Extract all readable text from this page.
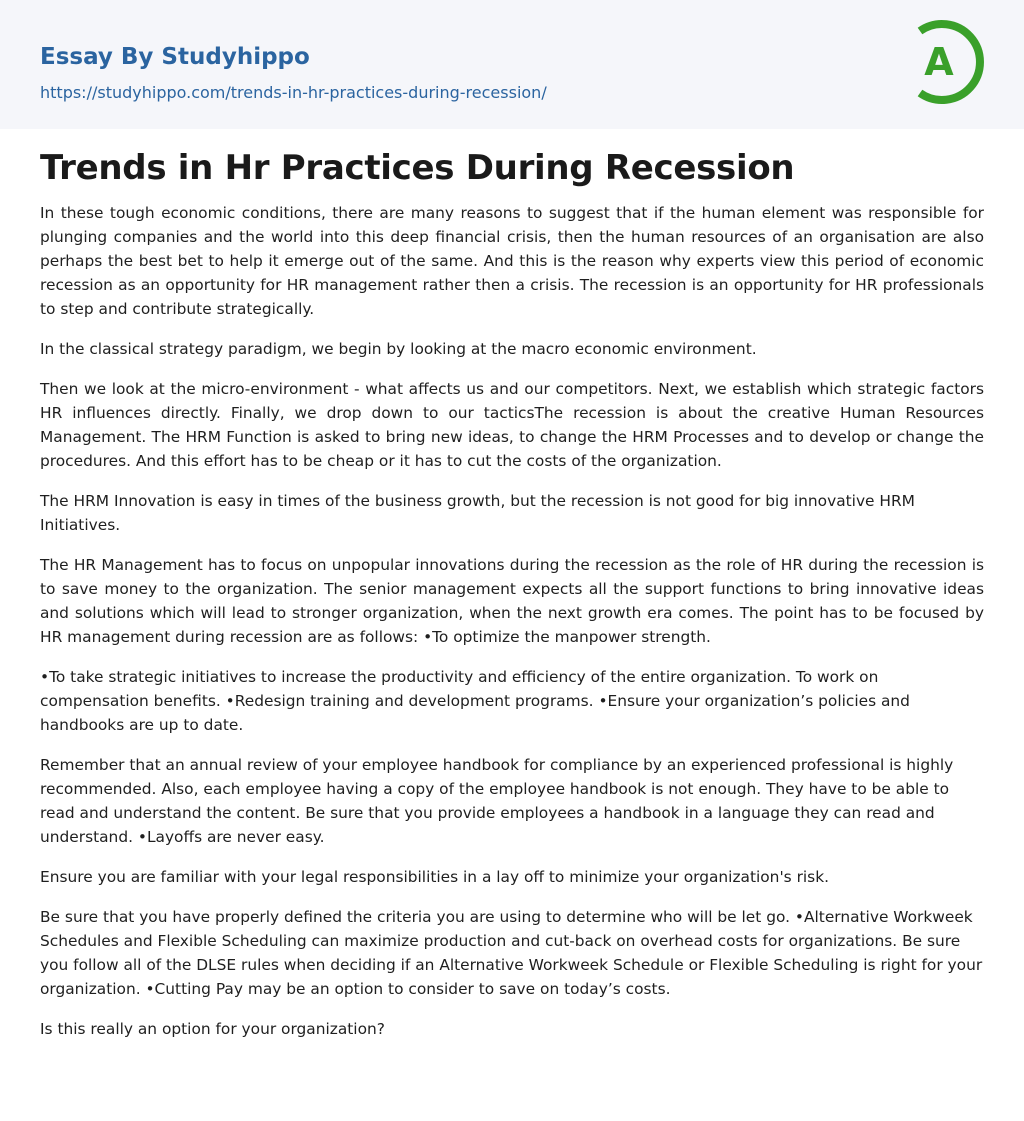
Essay By Studyhippo
https://studyhippo.com/trends-in-hr-practices-during-recession/
A
Trends in Hr Practices During Recession

In these tough economic conditions, there are many reasons to suggest that if the human element was responsible for plunging companies and the world into this deep financial crisis, then the human resources of an organisation are also perhaps the best bet to help it emerge out of the same. And this is the reason why experts view this period of economic recession as an opportunity for HR management rather then a crisis. The recession is an opportunity for HR professionals to step and contribute strategically.

In the classical strategy paradigm, we begin by looking at the macro economic environment.

Then we look at the micro-environment - what affects us and our competitors. Next, we establish which strategic factors HR influences directly. Finally, we drop down to our tacticsThe recession is about the creative Human Resources Management. The HRM Function is asked to bring new ideas, to change the HRM Processes and to develop or change the procedures. And this effort has to be cheap or it has to cut the costs of the organization.

The HRM Innovation is easy in times of the business growth, but the recession is not good for big innovative HRM Initiatives.

The HR Management has to focus on unpopular innovations during the recession as the role of HR during the recession is to save money to the organization. The senior management expects all the support functions to bring innovative ideas and solutions which will lead to stronger organization, when the next growth era comes. The point has to be focused by HR management during recession are as follows: •To optimize the manpower strength.

•To take strategic initiatives to increase the productivity and efficiency of the entire organization. To work on compensation benefits. •Redesign training and development programs. •Ensure your organization’s policies and handbooks are up to date.

Remember that an annual review of your employee handbook for compliance by an experienced professional is highly recommended. Also, each employee having a copy of the employee handbook is not enough. They have to be able to read and understand the content. Be sure that you provide employees a handbook in a language they can read and understand. •Layoffs are never easy.

Ensure you are familiar with your legal responsibilities in a lay off to minimize your organization's risk.

Be sure that you have properly defined the criteria you are using to determine who will be let go. •Alternative Workweek Schedules and Flexible Scheduling can maximize production and cut-back on overhead costs for organizations. Be sure you follow all of the DLSE rules when deciding if an Alternative Workweek Schedule or Flexible Scheduling is right for your organization. •Cutting Pay may be an option to consider to save on today’s costs.

Is this really an option for your organization?
